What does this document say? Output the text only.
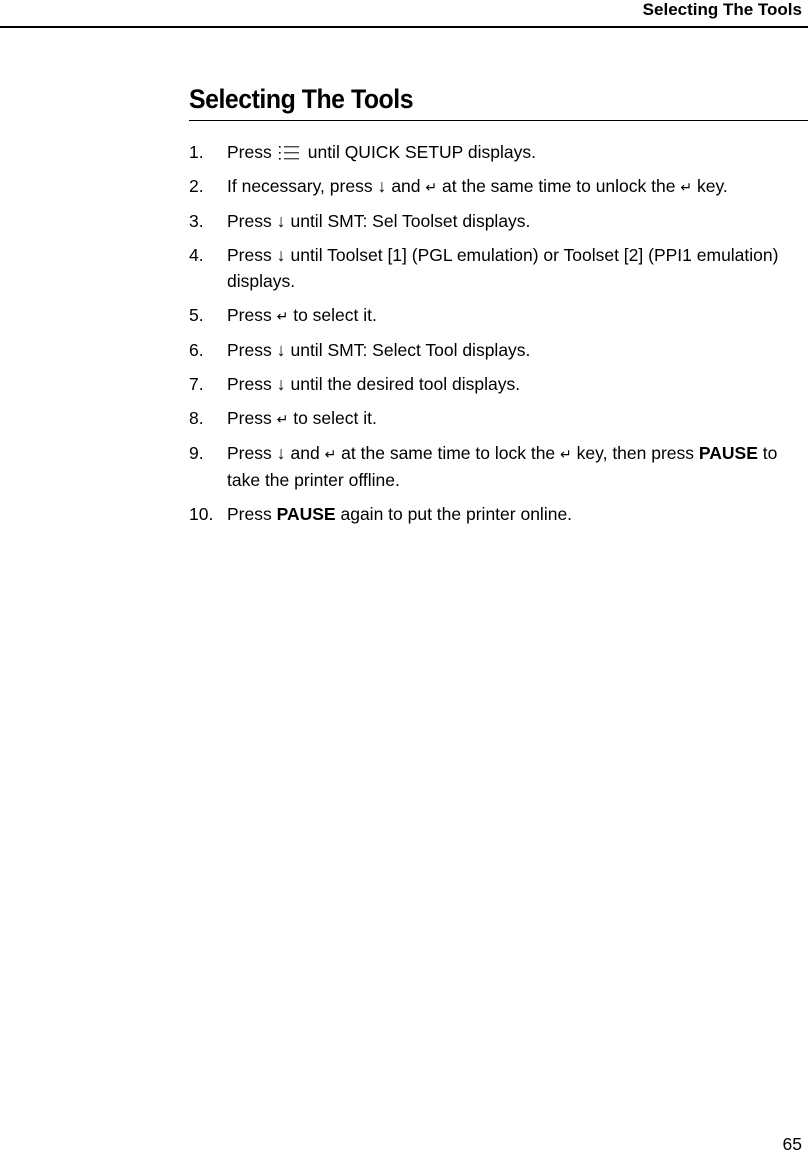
Selecting The Tools
Selecting The Tools
1. Press until QUICK SETUP displays.
2. If necessary, press ↓ and ↵ at the same time to unlock the ↵ key.
3. Press ↓ until SMT: Sel Toolset displays.
4. Press ↓ until Toolset [1] (PGL emulation) or Toolset [2] (PPI1 emulation) displays.
5. Press ↵ to select it.
6. Press ↓ until SMT: Select Tool displays.
7. Press ↓ until the desired tool displays.
8. Press ↵ to select it.
9. Press ↓ and ↵ at the same time to lock the ↵ key, then press PAUSE to take the printer offline.
10. Press PAUSE again to put the printer online.
65
